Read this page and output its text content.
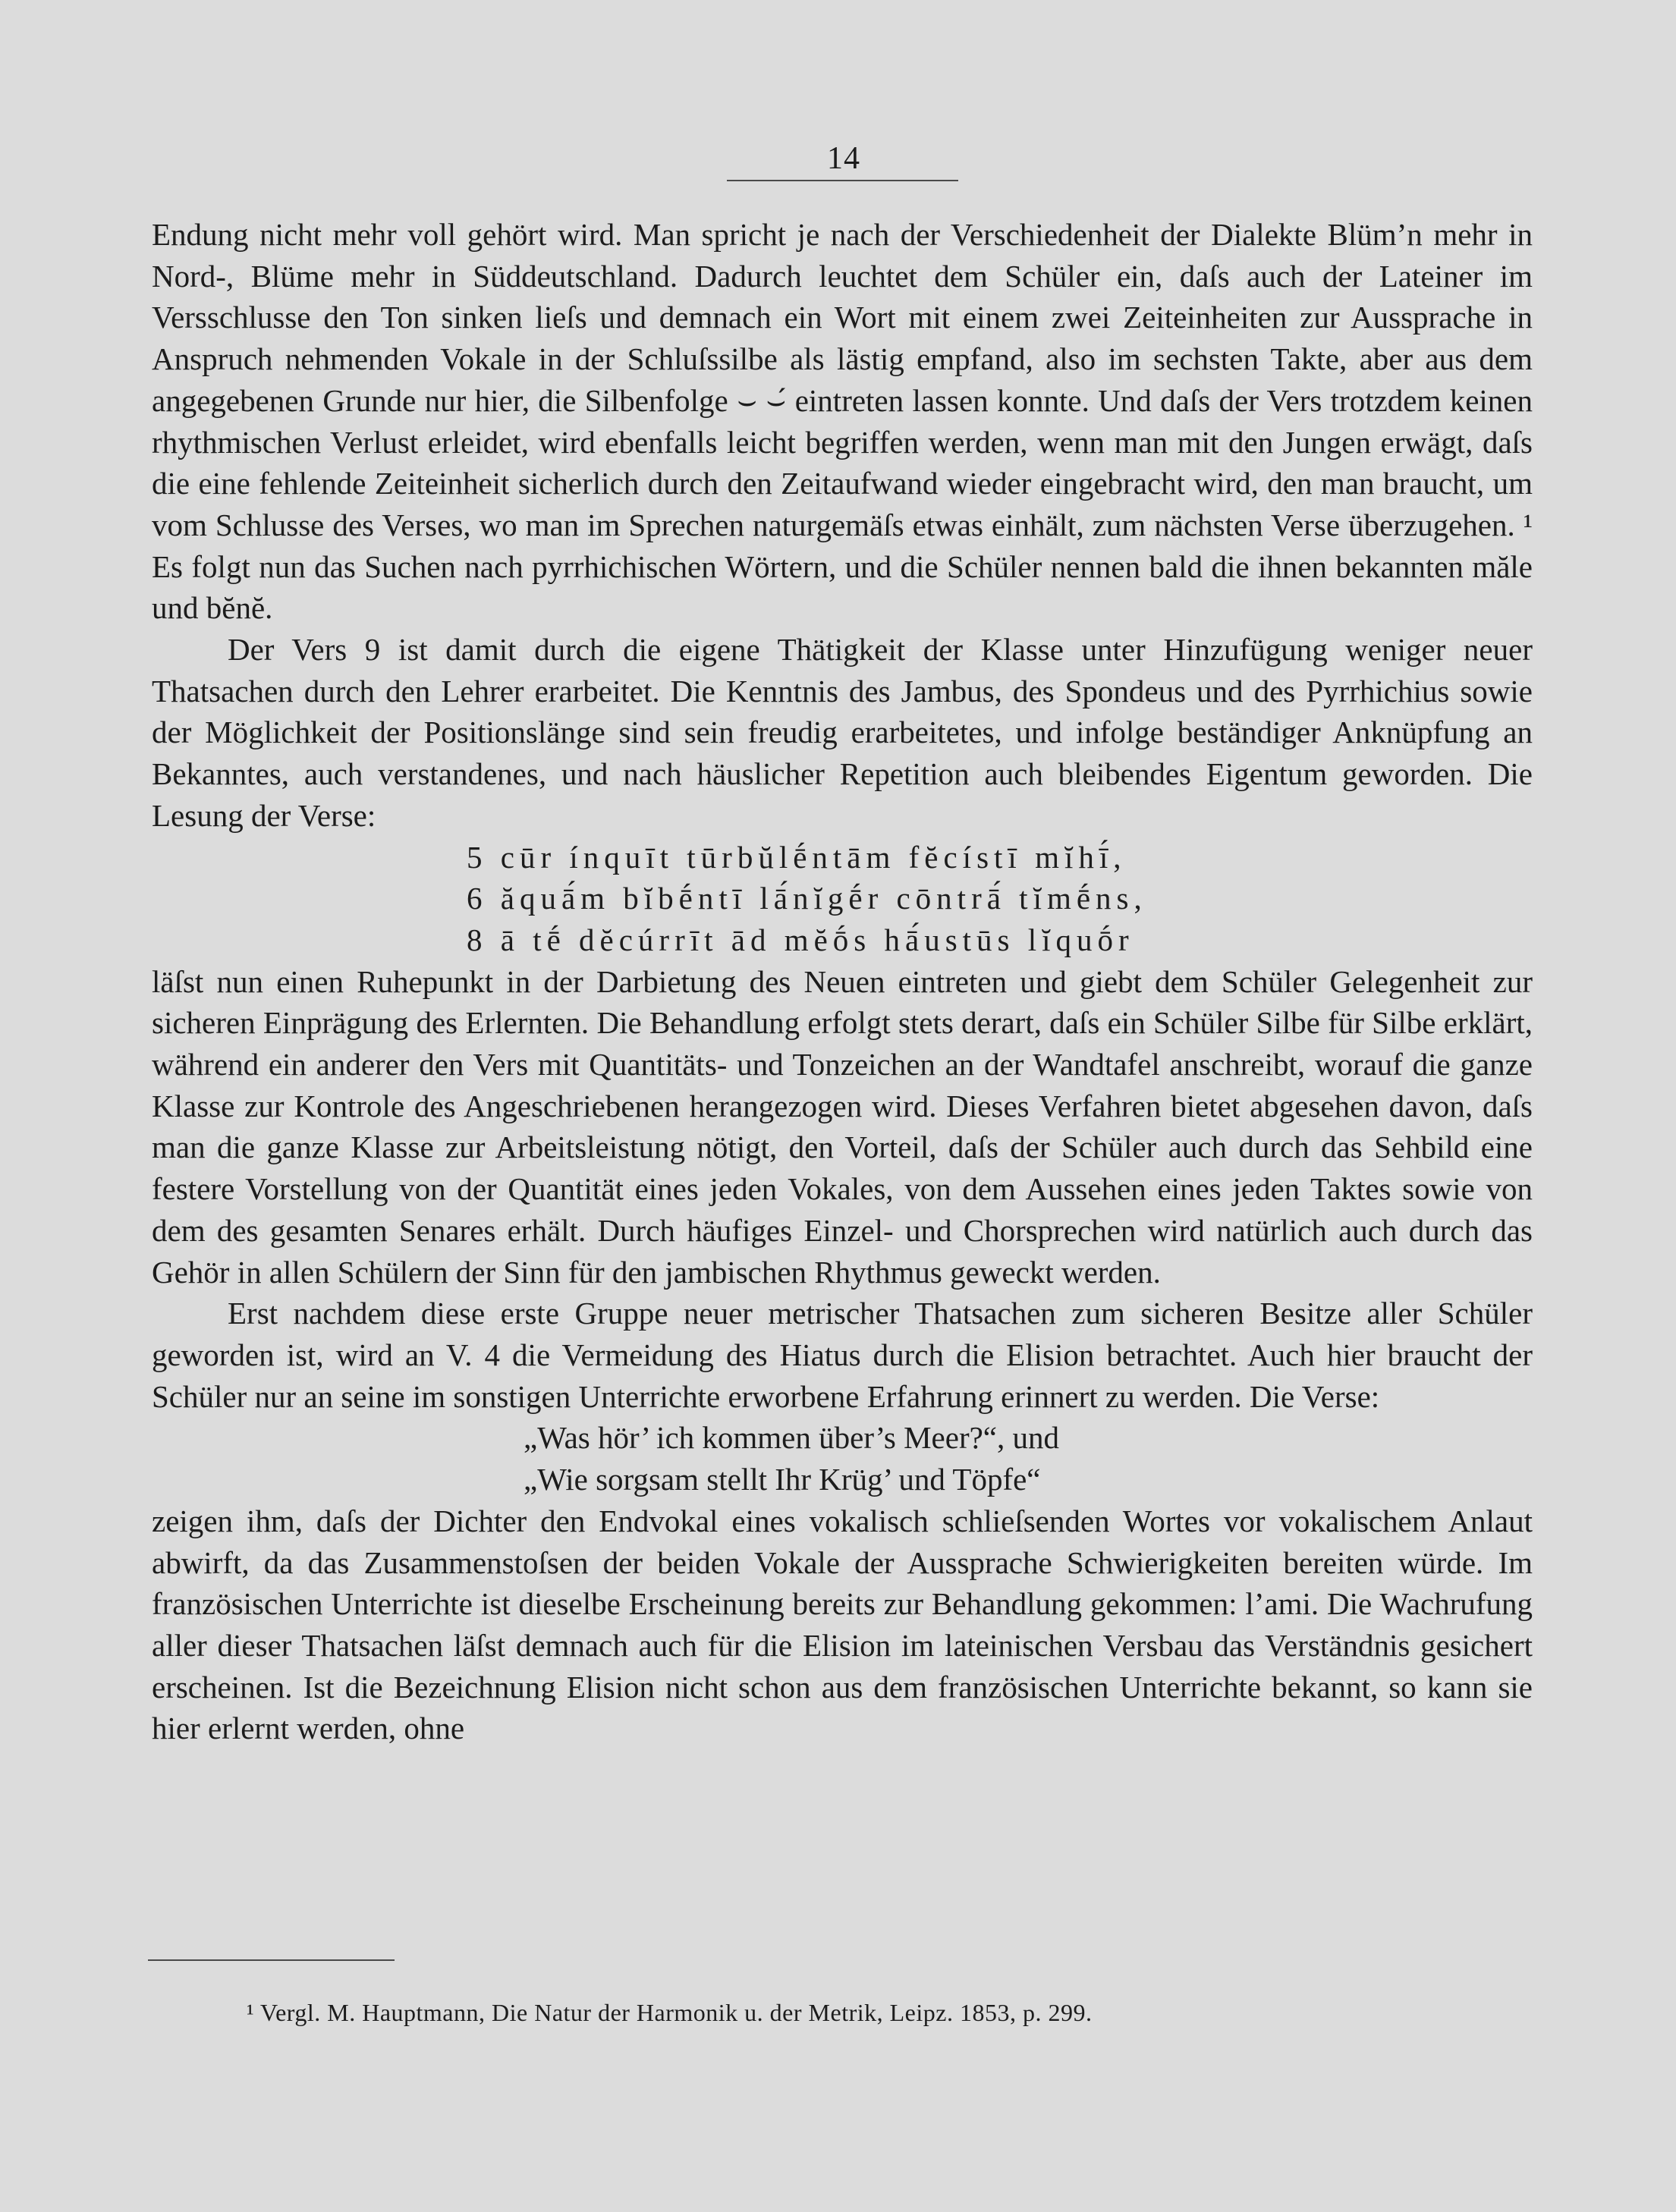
14

Endung nicht mehr voll gehört wird. Man spricht je nach der Verschiedenheit der Dialekte Blüm’n mehr in Nord-, Blüme mehr in Süddeutschland. Dadurch leuchtet dem Schüler ein, daſs auch der Lateiner im Versschlusse den Ton sinken lieſs und demnach ein Wort mit einem zwei Zeiteinheiten zur Aussprache in Anspruch nehmenden Vokale in der Schluſssilbe als lästig empfand, also im sechsten Takte, aber aus dem angegebenen Grunde nur hier, die Silbenfolge ⌣ ⌣́ eintreten lassen konnte. Und daſs der Vers trotzdem keinen rhythmischen Verlust erleidet, wird ebenfalls leicht begriffen werden, wenn man mit den Jungen erwägt, daſs die eine fehlende Zeiteinheit sicherlich durch den Zeitaufwand wieder eingebracht wird, den man braucht, um vom Schlusse des Verses, wo man im Sprechen naturgemäſs etwas einhält, zum nächsten Verse überzugehen. ¹ Es folgt nun das Suchen nach pyrrhichischen Wörtern, und die Schüler nennen bald die ihnen bekannten măle und bĕnĕ.

Der Vers 9 ist damit durch die eigene Thätigkeit der Klasse unter Hinzufügung weniger neuer Thatsachen durch den Lehrer erarbeitet. Die Kenntnis des Jambus, des Spondeus und des Pyrrhichius sowie der Möglichkeit der Positionslänge sind sein freudig erarbeitetes, und infolge beständiger Anknüpfung an Bekanntes, auch verstandenes, und nach häuslicher Repetition auch bleibendes Eigentum geworden. Die Lesung der Verse:

5 cūr ínquīt tūrbŭlḗntām fĕcístī mĭhī́,
6 ăquā́m bĭbḗntī lā́nĭgḗr cōntrā́ tĭmḗns,
8 ā tḗ dĕcúrrīt ād mĕṓs hā́ustūs lĭquṓr

läſst nun einen Ruhepunkt in der Darbietung des Neuen eintreten und giebt dem Schüler Gelegenheit zur sicheren Einprägung des Erlernten. Die Behandlung erfolgt stets derart, daſs ein Schüler Silbe für Silbe erklärt, während ein anderer den Vers mit Quantitäts- und Tonzeichen an der Wandtafel anschreibt, worauf die ganze Klasse zur Kontrole des Angeschriebenen herangezogen wird. Dieses Verfahren bietet abgesehen davon, daſs man die ganze Klasse zur Arbeitsleistung nötigt, den Vorteil, daſs der Schüler auch durch das Sehbild eine festere Vorstellung von der Quantität eines jeden Vokales, von dem Aussehen eines jeden Taktes sowie von dem des gesamten Senares erhält. Durch häufiges Einzel- und Chorsprechen wird natürlich auch durch das Gehör in allen Schülern der Sinn für den jambischen Rhythmus geweckt werden.

Erst nachdem diese erste Gruppe neuer metrischer Thatsachen zum sicheren Besitze aller Schüler geworden ist, wird an V. 4 die Vermeidung des Hiatus durch die Elision betrachtet. Auch hier braucht der Schüler nur an seine im sonstigen Unterrichte erworbene Erfahrung erinnert zu werden. Die Verse:

„Was hör’ ich kommen über’s Meer?“, und
„Wie sorgsam stellt Ihr Krüg’ und Töpfe“

zeigen ihm, daſs der Dichter den Endvokal eines vokalisch schlieſsenden Wortes vor vokalischem Anlaut abwirft, da das Zusammenstoſsen der beiden Vokale der Aussprache Schwierigkeiten bereiten würde. Im französischen Unterrichte ist dieselbe Erscheinung bereits zur Behandlung gekommen: l’ami. Die Wachrufung aller dieser Thatsachen läſst demnach auch für die Elision im lateinischen Versbau das Verständnis gesichert erscheinen. Ist die Bezeichnung Elision nicht schon aus dem französischen Unterrichte bekannt, so kann sie hier erlernt werden, ohne

¹ Vergl. M. Hauptmann, Die Natur der Harmonik u. der Metrik, Leipz. 1853, p. 299.
